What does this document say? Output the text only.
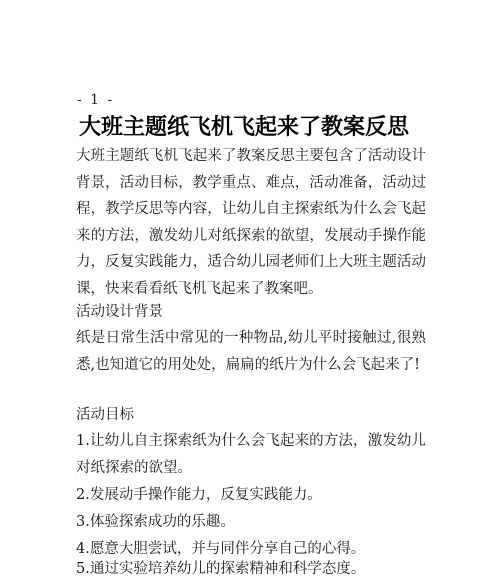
- 1 -
大班主题纸飞机飞起来了教案反思
大班主题纸飞机飞起来了教案反思主要包含了活动设计
背景，活动目标，教学重点、难点，活动准备，活动过
程，教学反思等内容，让幼儿自主探索纸为什么会飞起
来的方法，激发幼儿对纸探索的欲望，发展动手操作能
力，反复实践能力，适合幼儿园老师们上大班主题活动
课，快来看看纸飞机飞起来了教案吧。
活动设计背景
纸是日常生活中常见的一种物品,幼儿平时接触过,很熟
悉,也知道它的用处处，扁扁的纸片为什么会飞起来了!
活动目标
1.让幼儿自主探索纸为什么会飞起来的方法，激发幼儿
对纸探索的欲望。
2.发展动手操作能力，反复实践能力。
3.体验探索成功的乐趣。
4.愿意大胆尝试，并与同伴分享自己的心得。
5.通过实验培养幼儿的探索精神和科学态度。
